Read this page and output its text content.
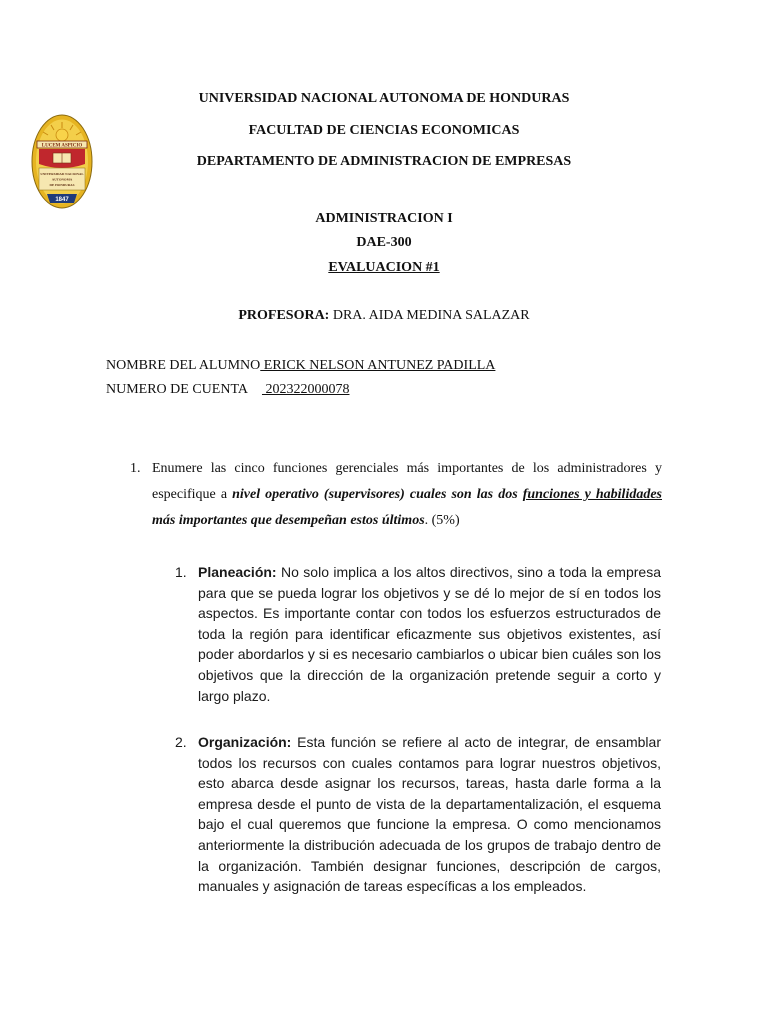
LUCEM ASPICIO
UNIVERSIDAD NACIONAL
AUTONOMA
DE HONDURAS
1847
UNIVERSIDAD NACIONAL AUTONOMA DE HONDURAS
FACULTAD DE CIENCIAS ECONOMICAS
DEPARTAMENTO DE ADMINISTRACION DE EMPRESAS
ADMINISTRACION I
DAE-300
EVALUACION #1
PROFESORA: DRA. AIDA MEDINA SALAZAR
NOMBRE DEL ALUMNO ERICK NELSON ANTUNEZ PADILLA
NUMERO DE CUENTA     202322000078
1. Enumere las cinco funciones gerenciales más importantes de los administradores y especifique a nivel operativo (supervisores) cuales son las dos funciones y habilidades más importantes que desempeñan estos últimos. (5%)
1. Planeación: No solo implica a los altos directivos, sino a toda la empresa para que se pueda lograr los objetivos y se dé lo mejor de sí en todos los aspectos. Es importante contar con todos los esfuerzos estructurados de toda la región para identificar eficazmente sus objetivos existentes, así poder abordarlos y si es necesario cambiarlos o ubicar bien cuáles son los objetivos que la dirección de la organización pretende seguir a corto y largo plazo.
2. Organización: Esta función se refiere al acto de integrar, de ensamblar todos los recursos con cuales contamos para lograr nuestros objetivos, esto abarca desde asignar los recursos, tareas, hasta darle forma a la empresa desde el punto de vista de la departamentalización, el esquema bajo el cual queremos que funcione la empresa. O como mencionamos anteriormente la distribución adecuada de los grupos de trabajo dentro de la organización. También designar funciones, descripción de cargos, manuales y asignación de tareas específicas a los empleados.
